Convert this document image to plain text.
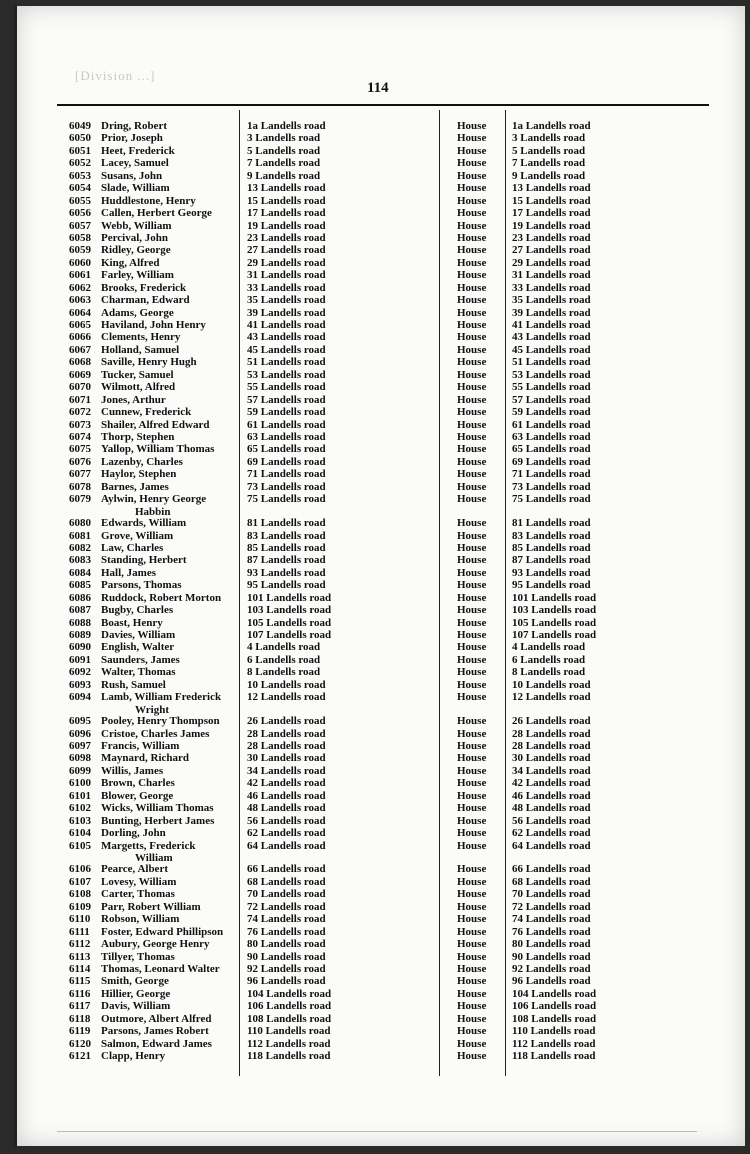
[Division ...]
114
6049 Dring, Robert	1a Landells road	House 1a Landells road
6050 Prior, Joseph	3 Landells road	House 3 Landells road
6051 Heet, Frederick	5 Landells road	House 5 Landells road
6052 Lacey, Samuel	7 Landells road	House 7 Landells road
6053 Susans, John	9 Landells road	House 9 Landells road
6054 Slade, William	13 Landells road	House 13 Landells road
6055 Huddlestone, Henry	15 Landells road	House 15 Landells road
6056 Callen, Herbert George	17 Landells road	House 17 Landells road
6057 Webb, William	19 Landells road	House 19 Landells road
6058 Percival, John	23 Landells road	House 23 Landells road
6059 Ridley, George	27 Landells road	House 27 Landells road
6060 King, Alfred	29 Landells road	House 29 Landells road
6061 Farley, William	31 Landells road	House 31 Landells road
6062 Brooks, Frederick	33 Landells road	House 33 Landells road
6063 Charman, Edward	35 Landells road	House 35 Landells road
6064 Adams, George	39 Landells road	House 39 Landells road
6065 Haviland, John Henry	41 Landells road	House 41 Landells road
6066 Clements, Henry	43 Landells road	House 43 Landells road
6067 Holland, Samuel	45 Landells road	House 45 Landells road
6068 Saville, Henry Hugh	51 Landells road	House 51 Landells road
6069 Tucker, Samuel	53 Landells road	House 53 Landells road
6070 Wilmott, Alfred	55 Landells road	House 55 Landells road
6071 Jones, Arthur	57 Landells road	House 57 Landells road
6072 Cunnew, Frederick	59 Landells road	House 59 Landells road
6073 Shailer, Alfred Edward	61 Landells road	House 61 Landells road
6074 Thorp, Stephen	63 Landells road	House 63 Landells road
6075 Yallop, William Thomas	65 Landells road	House 65 Landells road
6076 Lazenby, Charles	69 Landells road	House 69 Landells road
6077 Haylor, Stephen	71 Landells road	House 71 Landells road
6078 Barnes, James	73 Landells road	House 73 Landells road
6079 Aylwin, Henry George	75 Landells road	House 75 Landells road
Habbin
6080 Edwards, William	81 Landells road	House 81 Landells road
6081 Grove, William	83 Landells road	House 83 Landells road
6082 Law, Charles	85 Landells road	House 85 Landells road
6083 Standing, Herbert	87 Landells road	House 87 Landells road
6084 Hall, James	93 Landells road	House 93 Landells road
6085 Parsons, Thomas	95 Landells road	House 95 Landells road
6086 Ruddock, Robert Morton 101 Landells road	House 101 Landells road
6087 Bugby, Charles	103 Landells road	House 103 Landells road
6088 Boast, Henry	105 Landells road	House 105 Landells road
6089 Davies, William	107 Landells road	House 107 Landells road
6090 English, Walter	4 Landells road	House 4 Landells road
6091 Saunders, James	6 Landells road	House 6 Landells road
6092 Walter, Thomas	8 Landells road	House 8 Landells road
6093 Rush, Samuel	10 Landells road	House 10 Landells road
6094 Lamb, William Frederick 12 Landells road	House 12 Landells road
Wright
6095 Pooley, Henry Thompson 26 Landells road	House 26 Landells road
6096 Cristoe, Charles James	28 Landells road	House 28 Landells road
6097 Francis, William	28 Landells road	House 28 Landells road
6098 Maynard, Richard	30 Landells road	House 30 Landells road
6099 Willis, James	34 Landells road	House 34 Landells road
6100 Brown, Charles	42 Landells road	House 42 Landells road
6101 Blower, George	46 Landells road	House 46 Landells road
6102 Wicks, William Thomas	48 Landells road	House 48 Landells road
6103 Bunting, Herbert James	56 Landells road	House 56 Landells road
6104 Dorling, John	62 Landells road	House 62 Landells road
6105 Margetts, Frederick	64 Landells road	House 64 Landells road
William
6106 Pearce, Albert	66 Landells road	House 66 Landells road
6107 Lovesy, William	68 Landells road	House 68 Landells road
6108 Carter, Thomas	70 Landells road	House 70 Landells road
6109 Parr, Robert William	72 Landells road	House 72 Landells road
6110 Robson, William	74 Landells road	House 74 Landells road
6111	Foster, Edward Phillipson 76 Landells road	House 76 Landells road
6112 Aubury, George Henry	80 Landells road	House 80 Landells road
6113 Tillyer, Thomas	90 Landells road	House 90 Landells road
6114 Thomas, Leonard Walter 92 Landells road	House 92 Landells road
6115 Smith, George	96 Landells road	House 96 Landells road
6116 Hillier, George	104 Landells road	House 104 Landells road
6117 Davis, William	106 Landells road	House 106 Landells road
6118 Outmore, Albert Alfred	108 Landells road	House 108 Landells road
6119 Parsons, James Robert	110 Landells road	House 110 Landells road
6120 Salmon, Edward James	112 Landells road	House 112 Landells road
6121 Clapp, Henry	118 Landells road	House 118 Landells road
